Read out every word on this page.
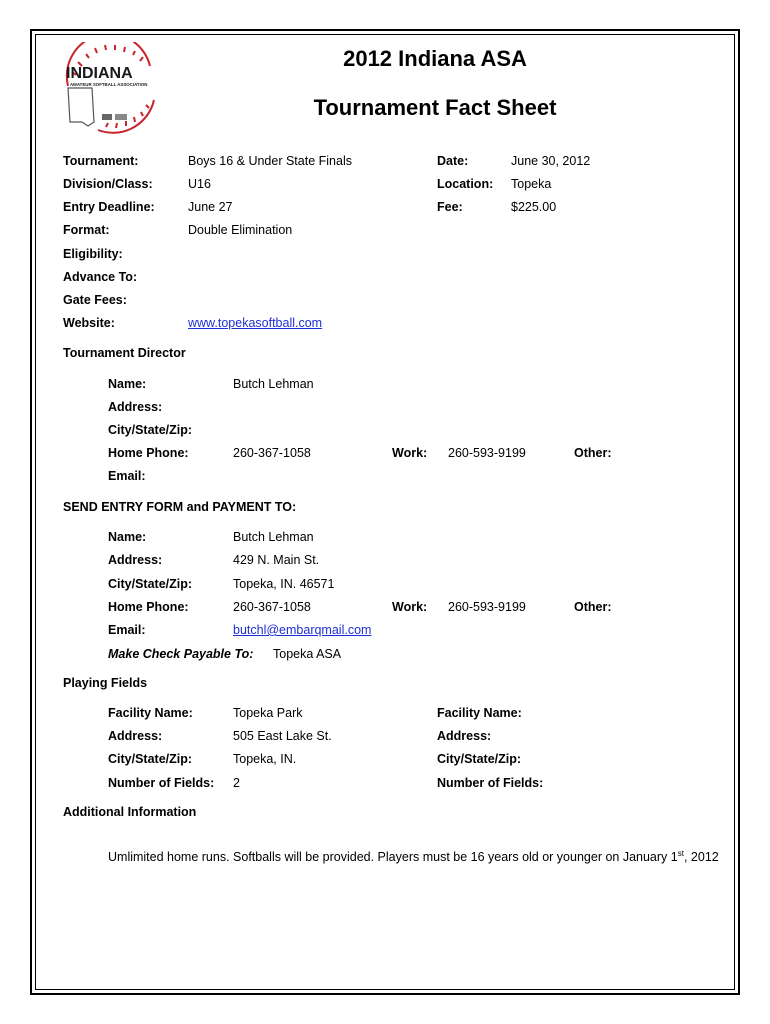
INDIANA
AMATEUR SOFTBALL ASSOCIATION
2012 Indiana ASA
Tournament Fact Sheet
Tournament:	Boys 16 & Under State Finals	Date:	June 30, 2012
Division/Class:	U16	Location: Topeka
Entry Deadline:	June 27	Fee:	$225.00
Format:	Double Elimination
Eligibility:
Advance To:
Gate Fees:
Website:	www.topekasoftball.com
Tournament Director
Name:	Butch Lehman
Address:
City/State/Zip:
Home Phone:	260-367-1058	Work: 260-593-9199	Other:
Email:
SEND ENTRY FORM and PAYMENT TO:
Name:	Butch Lehman
Address:	429 N. Main St.
City/State/Zip:	Topeka, IN. 46571
Home Phone:	260-367-1058	Work: 260-593-9199	Other:
Email:	butchl@embarqmail.com
Make Check Payable To: Topeka ASA
Playing Fields
Facility Name:	Topeka Park	Facility Name:
Address:	505 East Lake St.	Address:
City/State/Zip:	Topeka, IN.	City/State/Zip:
Number of Fields: 2	Number of Fields:
Additional Information
Umlimited home runs. Softballs will be provided. Players must be 16 years old or younger on January 1st, 2012
